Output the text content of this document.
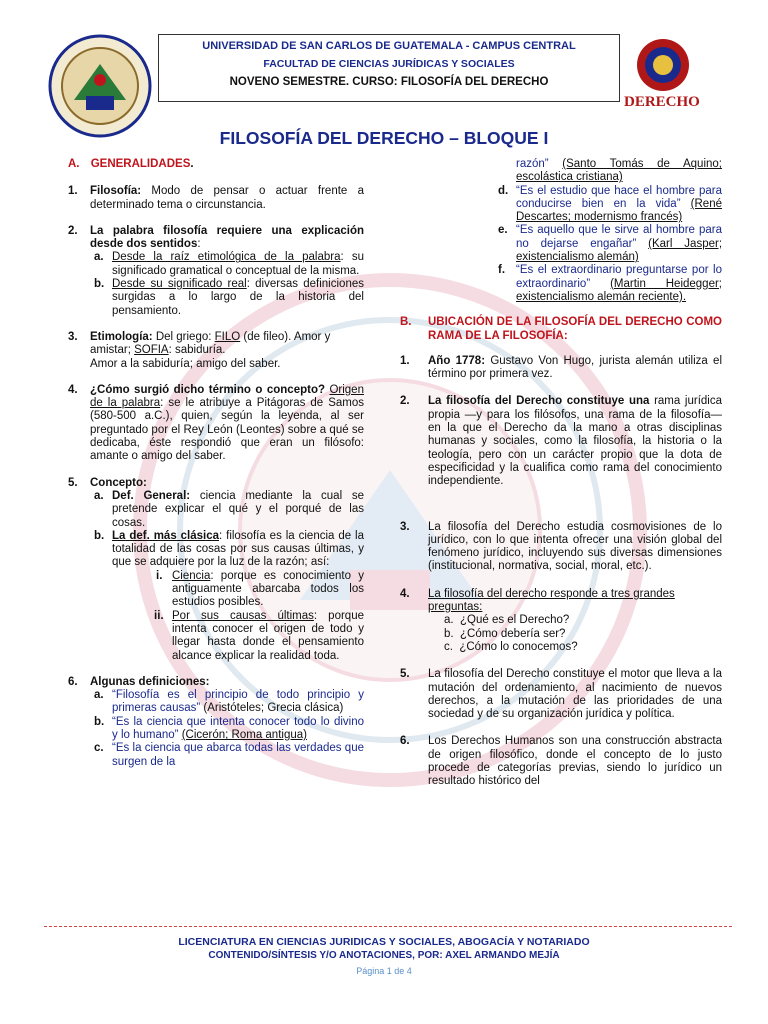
UNIVERSIDAD DE SAN CARLOS DE GUATEMALA - CAMPUS CENTRAL
FACULTAD DE CIENCIAS JURÍDICAS Y SOCIALES
NOVENO SEMESTRE. CURSO: FILOSOFÍA DEL DERECHO
DERECHO
FILOSOFÍA DEL DERECHO – BLOQUE I
A. GENERALIDADES.
1. Filosofía: Modo de pensar o actuar frente a determinado tema o circunstancia.
2. La palabra filosofía requiere una explicación desde dos sentidos:
a. Desde la raíz etimológica de la palabra: su significado gramatical o conceptual de la misma.
b. Desde su significado real: diversas definiciones surgidas a lo largo de la historia del pensamiento.
3. Etimología: Del griego: FILO (de fileo). Amor y amistar; SOFIA: sabiduría.
Amor a la sabiduría; amigo del saber.
4. ¿Cómo surgió dicho término o concepto? Origen de la palabra: se le atribuye a Pitágoras de Samos (580-500 a.C.), quien, según la leyenda, al ser preguntado por el Rey León (Leontes) sobre a qué se dedicaba, éste respondió que eran un filósofo: amante o amigo del saber.
5. Concepto:
a. Def. General: ciencia mediante la cual se pretende explicar el qué y el porqué de las cosas.
b. La def. más clásica: filosofía es la ciencia de la totalidad de las cosas por sus causas últimas, y que se adquiere por la luz de la razón; así:
i. Ciencia: porque es conocimiento y antiguamente abarcaba todos los estudios posibles.
ii. Por sus causas últimas: porque intenta conocer el origen de todo y llegar hasta donde el pensamiento alcance explicar la realidad toda.
6. Algunas definiciones:
a. “Filosofía es el principio de todo principio y primeras causas” (Aristóteles; Grecia clásica)
b. “Es la ciencia que intenta conocer todo lo divino y lo humano” (Cicerón; Roma antigua)
c. “Es la ciencia que abarca todas las verdades que surgen de la
razón” (Santo Tomás de Aquino; escolástica cristiana)
d. “Es el estudio que hace el hombre para conducirse bien en la vida” (René Descartes; modernismo francés)
e. “Es aquello que le sirve al hombre para no dejarse engañar” (Karl Jasper; existencialismo alemán)
f. “Es el extraordinario preguntarse por lo extraordinario” (Martin Heidegger; existencialismo alemán reciente).
B. UBICACIÓN DE LA FILOSOFÍA DEL DERECHO COMO RAMA DE LA FILOSOFÍA:
1. Año 1778: Gustavo Von Hugo, jurista alemán utiliza el término por primera vez.
2. La filosofía del Derecho constituye una rama jurídica propia —y para los filósofos, una rama de la filosofía— en la que el Derecho da la mano a otras disciplinas humanas y sociales, como la filosofía, la historia o la teología, pero con un carácter propio que la dota de especificidad y la cualifica como rama del conocimiento independiente.
3. La filosofía del Derecho estudia cosmovisiones de lo jurídico, con lo que intenta ofrecer una visión global del fenómeno jurídico, incluyendo sus diversas dimensiones (institucional, normativa, social, moral, etc.).
4. La filosofía del derecho responde a tres grandes preguntas:
a. ¿Qué es el Derecho?
b. ¿Cómo debería ser?
c. ¿Cómo lo conocemos?
5. La filosofía del Derecho constituye el motor que lleva a la mutación del ordenamiento, al nacimiento de nuevos derechos, a la mutación de las prioridades de una sociedad y de su organización jurídica y política.
6. Los Derechos Humanos son una construcción abstracta de origen filosófico, donde el concepto de lo justo procede de categorías previas, siendo lo jurídico un resultado histórico del
LICENCIATURA EN CIENCIAS JURIDICAS Y SOCIALES, ABOGACÍA Y NOTARIADO
CONTENIDO/SÍNTESIS Y/O ANOTACIONES, POR: AXEL ARMANDO MEJÍA
Página 1 de 4
